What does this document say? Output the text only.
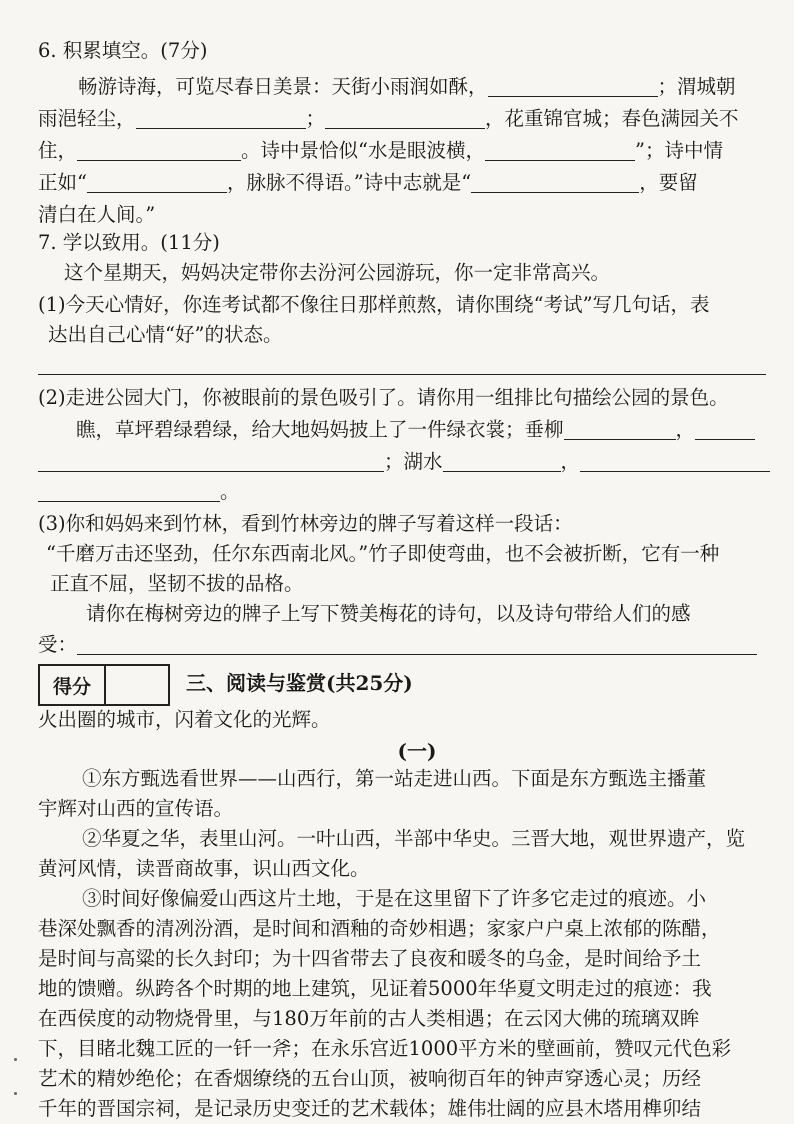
6. 积累填空。(7分)
畅游诗海，可览尽春日美景：天街小雨润如酥，	；渭城朝
雨浥轻尘，	；	，花重锦官城；春色满园关不
住，	。诗中景恰似“水是眼波横，	”；诗中情
正如“	，脉脉不得语。”诗中志就是“	，要留
清白在人间。”
7. 学以致用。(11分)
这个星期天，妈妈决定带你去汾河公园游玩，你一定非常高兴。
(1)今天心情好，你连考试都不像往日那样煎熬，请你围绕“考试”写几句话，表
达出自己心情“好”的状态。
(2)走进公园大门，你被眼前的景色吸引了。请你用一组排比句描绘公园的景色。
瞧，草坪碧绿碧绿，给大地妈妈披上了一件绿衣裳；垂柳	，
；湖水	，
。
(3)你和妈妈来到竹林，看到竹林旁边的牌子写着这样一段话：
“千磨万击还坚劲，任尔东西南北风。”竹子即使弯曲，也不会被折断，它有一种
正直不屈，坚韧不拔的品格。
请你在梅树旁边的牌子上写下赞美梅花的诗句，以及诗句带给人们的感
受：
得分	三、阅读与鉴赏(共25分)
火出圈的城市，闪着文化的光辉。
(一)
①东方甄选看世界——山西行，第一站走进山西。下面是东方甄选主播董
宇辉对山西的宣传语。
②华夏之华，表里山河。一叶山西，半部中华史。三晋大地，观世界遗产，览
黄河风情，读晋商故事，识山西文化。
③时间好像偏爱山西这片土地，于是在这里留下了许多它走过的痕迹。小
巷深处飘香的清冽汾酒，是时间和酒釉的奇妙相遇；家家户户桌上浓郁的陈醋，
是时间与高粱的长久封印；为十四省带去了良夜和暖冬的乌金，是时间给予土
地的馈赠。纵跨各个时期的地上建筑，见证着5000年华夏文明走过的痕迹：我
在西侯度的动物烧骨里，与180万年前的古人类相遇；在云冈大佛的琉璃双眸
下，目睹北魏工匠的一钎一斧；在永乐宫近1000平方米的壁画前，赞叹元代色彩
艺术的精妙绝伦；在香烟缭绕的五台山顶，被响彻百年的钟声穿透心灵；历经
千年的晋国宗祠，是记录历史变迁的艺术载体；雄伟壮阔的应县木塔用榫卯结
